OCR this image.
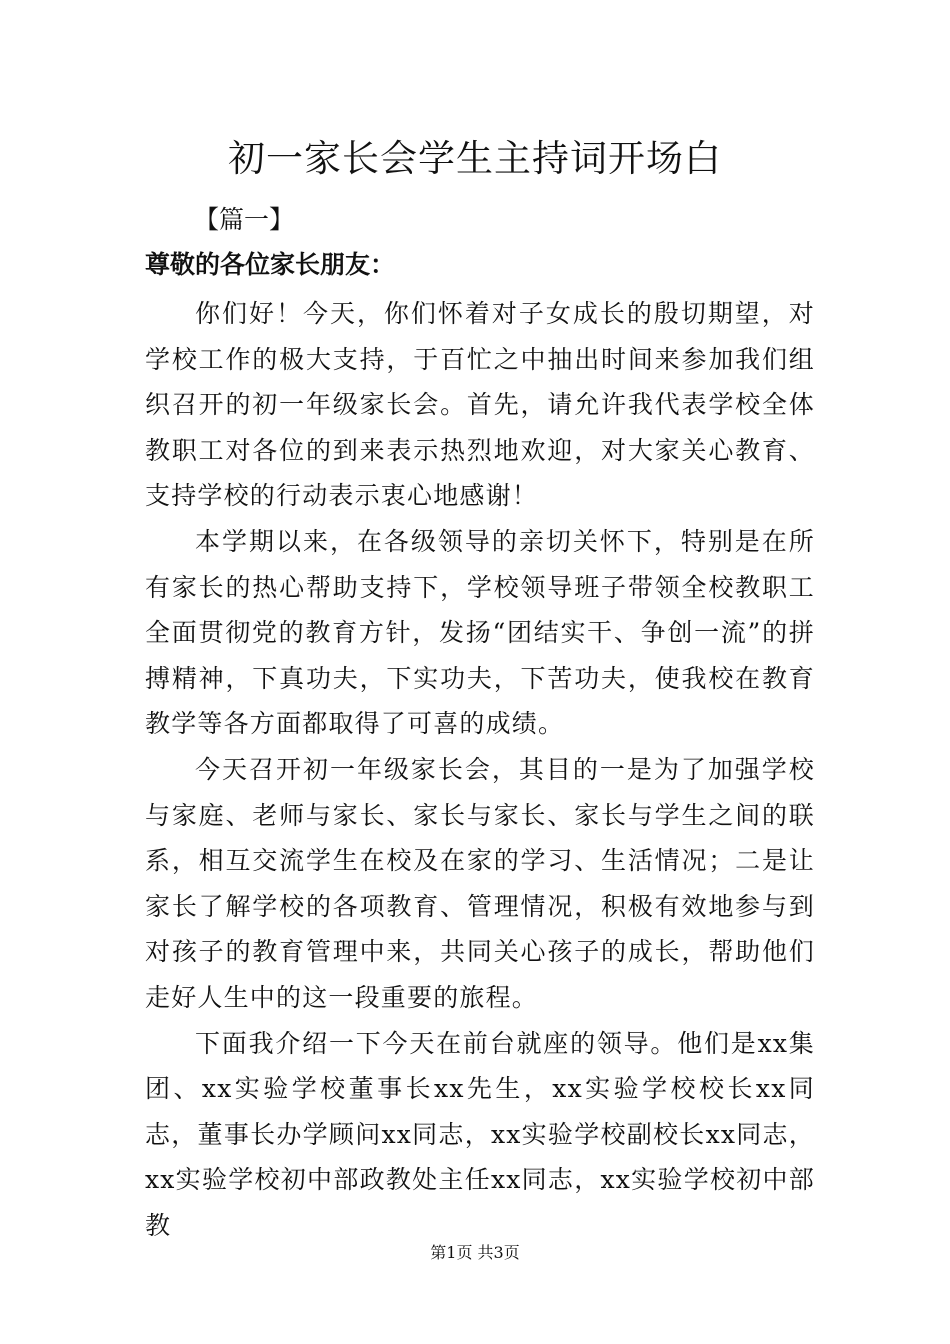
初一家长会学生主持词开场白
【篇一】
尊敬的各位家长朋友：

你们好！今天，你们怀着对子女成长的殷切期望，对学校工作的极大支持，于百忙之中抽出时间来参加我们组织召开的初一年级家长会。首先，请允许我代表学校全体教职工对各位的到来表示热烈地欢迎，对大家关心教育、支持学校的行动表示衷心地感谢！

本学期以来，在各级领导的亲切关怀下，特别是在所有家长的热心帮助支持下，学校领导班子带领全校教职工全面贯彻党的教育方针，发扬“团结实干、争创一流”的拼搏精神，下真功夫，下实功夫，下苦功夫，使我校在教育教学等各方面都取得了可喜的成绩。

今天召开初一年级家长会，其目的一是为了加强学校与家庭、老师与家长、家长与家长、家长与学生之间的联系，相互交流学生在校及在家的学习、生活情况；二是让家长了解学校的各项教育、管理情况，积极有效地参与到对孩子的教育管理中来，共同关心孩子的成长，帮助他们走好人生中的这一段重要的旅程。

下面我介绍一下今天在前台就座的领导。他们是xx集团、xx实验学校董事长xx先生，xx实验学校校长xx同志，董事长办学顾问xx同志，xx实验学校副校长xx同志，xx实验学校初中部政教处主任xx同志，xx实验学校初中部教

第1页 共3页
